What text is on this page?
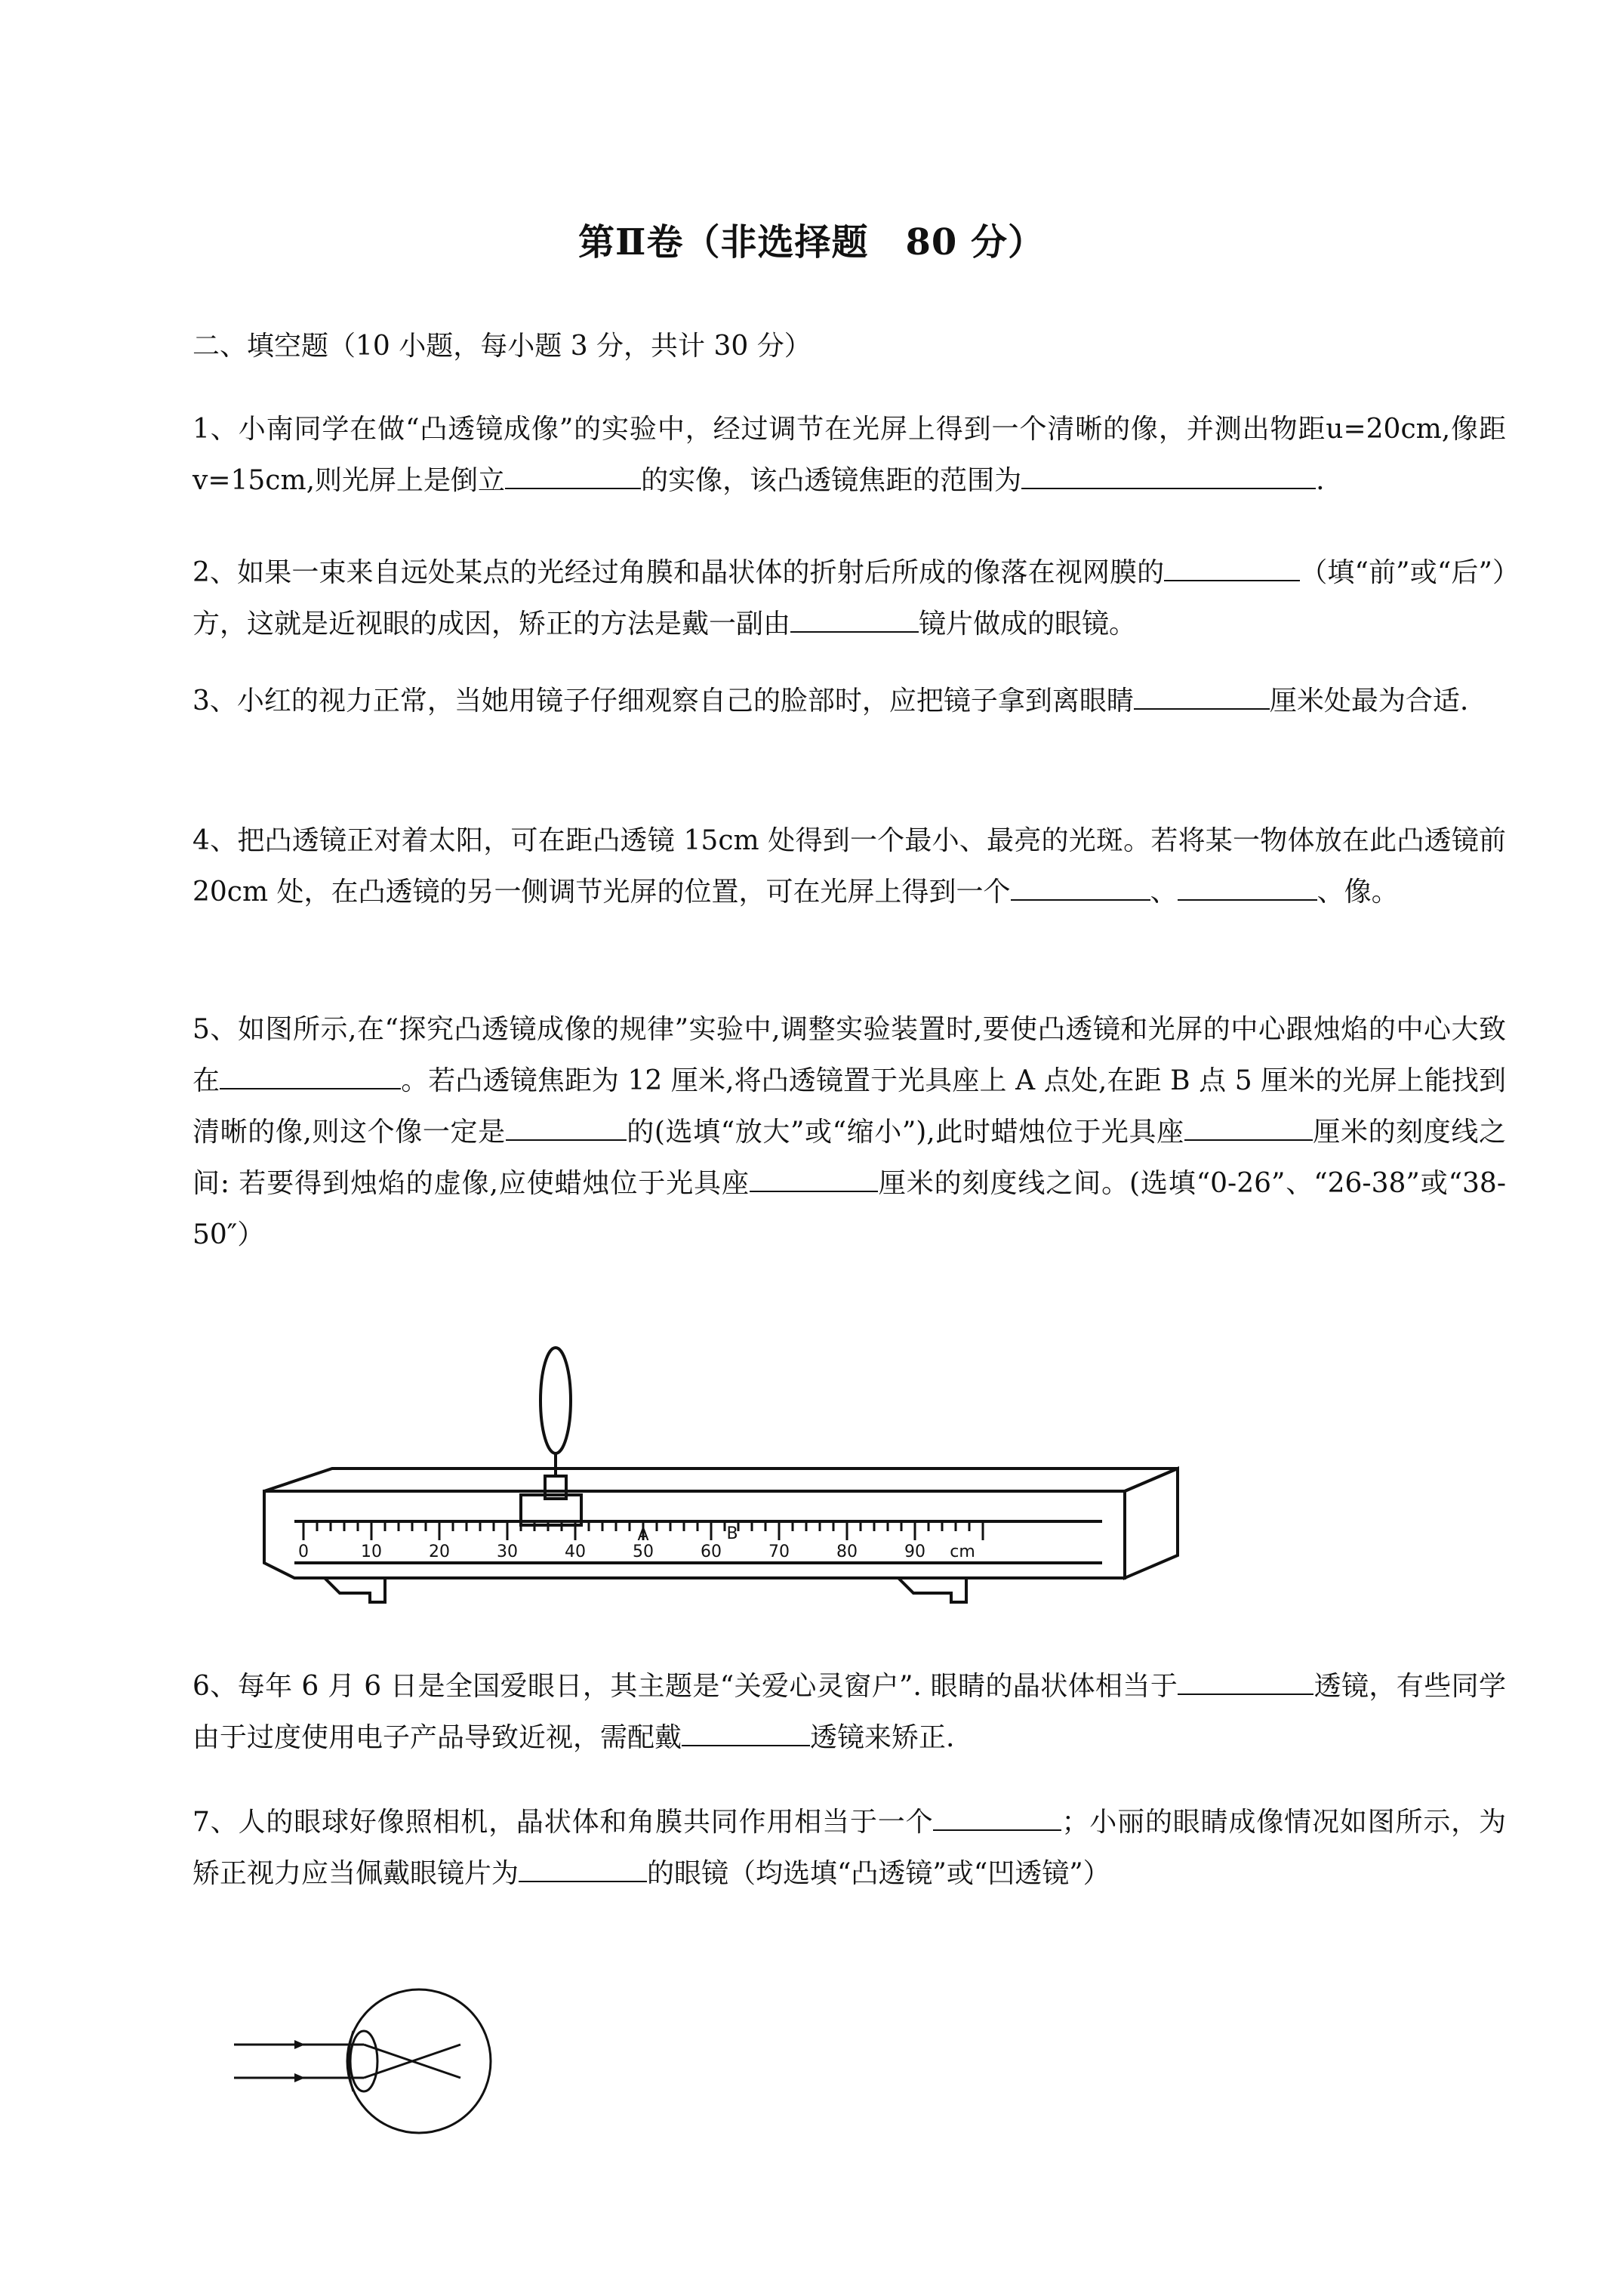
第Ⅱ卷（非选择题　80 分）
二、填空题（10 小题，每小题 3 分，共计 30 分）
1、小南同学在做“凸透镜成像”的实验中，经过调节在光屏上得到一个清晰的像，并测出物距u=20cm,像距v=15cm,则光屏上是倒立	的实像，该凸透镜焦距的范围为	.
2、如果一束来自远处某点的光经过角膜和晶状体的折射后所成的像落在视网膜的	（填“前”或“后”）方，这就是近视眼的成因，矫正的方法是戴一副由	镜片做成的眼镜。
3、小红的视力正常，当她用镜子仔细观察自己的脸部时，应把镜子拿到离眼睛	厘米处最为合适.
4、把凸透镜正对着太阳，可在距凸透镜 15cm 处得到一个最小、最亮的光斑。若将某一物体放在此凸透镜前 20cm 处，在凸透镜的另一侧调节光屏的位置，可在光屏上得到一个	、	、像。
5、如图所示,在“探究凸透镜成像的规律”实验中,调整实验装置时,要使凸透镜和光屏的中心跟烛焰的中心大致在	。若凸透镜焦距为 12 厘米,将凸透镜置于光具座上 A 点处,在距 B 点 5 厘米的光屏上能找到清晰的像,则这个像一定是	的(选填“放大”或“缩小”),此时蜡烛位于光具座	厘米的刻度线之间: 若要得到烛焰的虚像,应使蜡烛位于光具座	厘米的刻度线之间。(选填“0-26”、“26-38”或“38-50″）
0	10	20	30	40	50	60	70	80	90 cm
A	B
6、每年 6 月 6 日是全国爱眼日，其主题是“关爱心灵窗户”. 眼睛的晶状体相当于	透镜，有些同学由于过度使用电子产品导致近视，需配戴	透镜来矫正.
7、人的眼球好像照相机，晶状体和角膜共同作用相当于一个	；小丽的眼睛成像情况如图所示，为矫正视力应当佩戴眼镜片为	的眼镜（均选填“凸透镜”或“凹透镜”）
